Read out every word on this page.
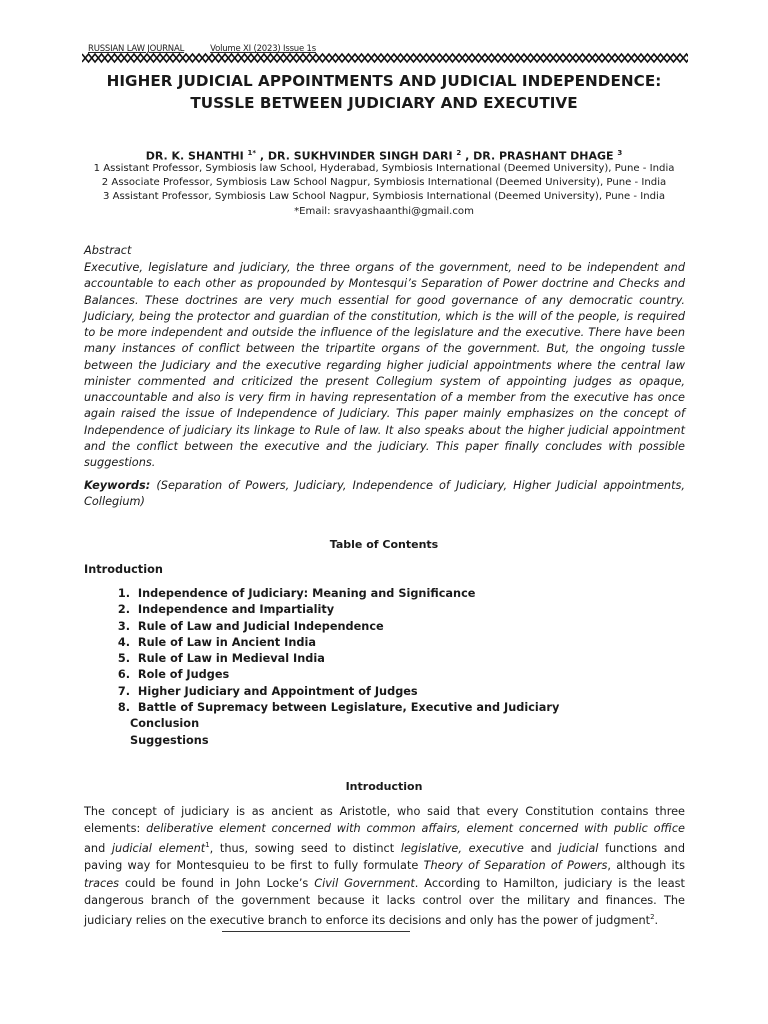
RUSSIAN LAW JOURNAL	Volume XI (2023) Issue 1s
HIGHER JUDICIAL APPOINTMENTS AND JUDICIAL INDEPENDENCE:
TUSSLE BETWEEN JUDICIARY AND EXECUTIVE
DR. K. SHANTHI $^{1*}$ , DR. SUKHVINDER SINGH DARI $^2$ , DR. PRASHANT DHAGE $^3$
1 Assistant Professor, Symbiosis law School, Hyderabad, Symbiosis International (Deemed University), Pune - India
2 Associate Professor, Symbiosis Law School Nagpur, Symbiosis International (Deemed University), Pune - India
3 Assistant Professor, Symbiosis Law School Nagpur, Symbiosis International (Deemed University), Pune - India
*Email: sravyashaanthi@gmail.com
Abstract

Executive, legislature and judiciary, the three organs of the government, need to be independent and accountable to each other as propounded by Montesqui’s Separation of Power doctrine and Checks and Balances. These doctrines are very much essential for good governance of any democratic country. Judiciary, being the protector and guardian of the constitution, which is the will of the people, is required to be more independent and outside the influence of the legislature and the executive. There have been many instances of conflict between the tripartite organs of the government. But, the ongoing tussle between the Judiciary and the executive regarding higher judicial appointments where the central law minister commented and criticized the present Collegium system of appointing judges as opaque, unaccountable and also is very firm in having representation of a member from the executive has once again raised the issue of Independence of Judiciary. This paper mainly emphasizes on the concept of Independence of judiciary its linkage to Rule of law. It also speaks about the higher judicial appointment and the conflict between the executive and the judiciary. This paper finally concludes with possible suggestions.

Keywords: (Separation of Powers, Judiciary, Independence of Judiciary, Higher Judicial appointments, Collegium)

Table of Contents
Introduction
1. Independence of Judiciary: Meaning and Significance
2. Independence and Impartiality
3. Rule of Law and Judicial Independence
4. Rule of Law in Ancient India
5. Rule of Law in Medieval India
6. Role of Judges
7. Higher Judiciary and Appointment of Judges
8. Battle of Supremacy between Legislature, Executive and Judiciary
Conclusion
Suggestions
Introduction

The concept of judiciary is as ancient as Aristotle, who said that every Constitution contains three elements: deliberative element concerned with common affairs, element concerned with public office and judicial element$^1$, thus, sowing seed to distinct legislative, executive and judicial functions and paving way for Montesquieu to be first to fully formulate Theory of Separation of Powers, although its traces could be found in John Locke’s Civil Government. According to Hamilton, judiciary is the least dangerous branch of the government because it lacks control over the military and finances. The judiciary relies on the executive branch to enforce its decisions and only has the power of judgment$^2$.
